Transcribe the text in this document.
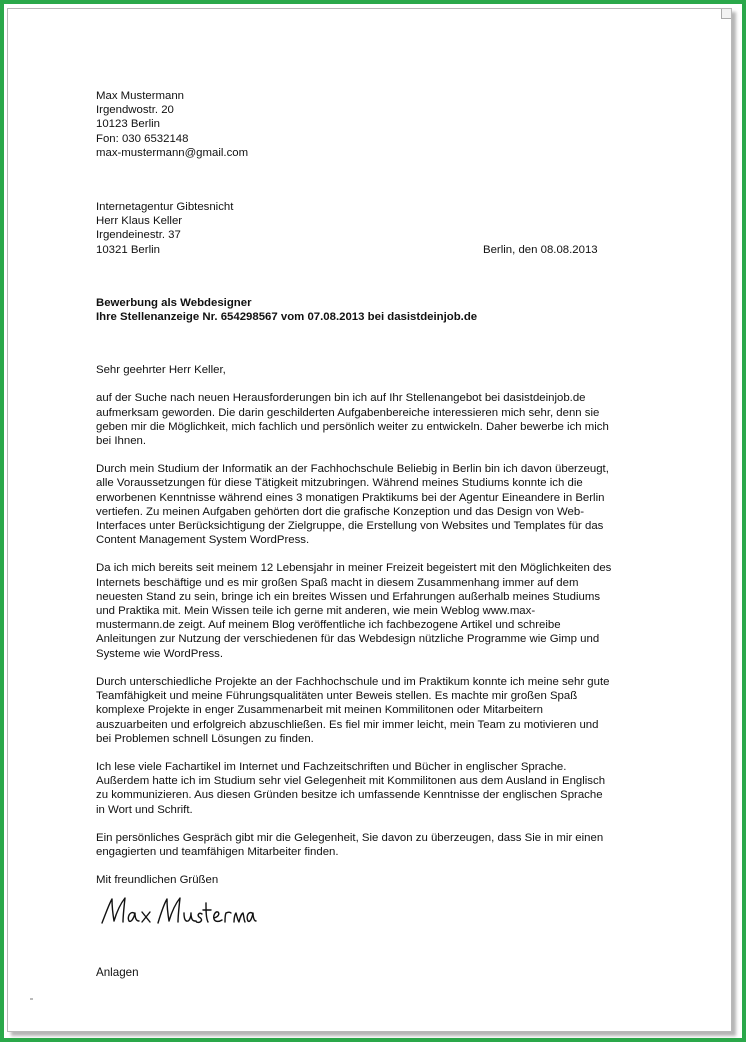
Max Mustermann
Irgendwostr. 20
10123 Berlin
Fon: 030 6532148
max-mustermann@gmail.com
Internetagentur Gibtesnicht
Herr Klaus Keller
Irgendeinestr. 37
10321 Berlin	Berlin, den 08.08.2013
Bewerbung als Webdesigner
Ihre Stellenanzeige Nr. 654298567 vom 07.08.2013 bei dasistdeinjob.de
Sehr geehrter Herr Keller,
auf der Suche nach neuen Herausforderungen bin ich auf Ihr Stellenangebot bei dasistdeinjob.de
aufmerksam geworden. Die darin geschilderten Aufgabenbereiche interessieren mich sehr, denn sie
geben mir die Möglichkeit, mich fachlich und persönlich weiter zu entwickeln. Daher bewerbe ich mich
bei Ihnen.
Durch mein Studium der Informatik an der Fachhochschule Beliebig in Berlin bin ich davon überzeugt,
alle Voraussetzungen für diese Tätigkeit mitzubringen. Während meines Studiums konnte ich die
erworbenen Kenntnisse während eines 3 monatigen Praktikums bei der Agentur Eineandere in Berlin
vertiefen. Zu meinen Aufgaben gehörten dort die grafische Konzeption und das Design von Web-
Interfaces unter Berücksichtigung der Zielgruppe, die Erstellung von Websites und Templates für das
Content Management System WordPress.
Da ich mich bereits seit meinem 12 Lebensjahr in meiner Freizeit begeistert mit den Möglichkeiten des
Internets beschäftige und es mir großen Spaß macht in diesem Zusammenhang immer auf dem
neuesten Stand zu sein, bringe ich ein breites Wissen und Erfahrungen außerhalb meines Studiums
und Praktika mit. Mein Wissen teile ich gerne mit anderen, wie mein Weblog www.max-
mustermann.de zeigt. Auf meinem Blog veröffentliche ich fachbezogene Artikel und schreibe
Anleitungen zur Nutzung der verschiedenen für das Webdesign nützliche Programme wie Gimp und
Systeme wie WordPress.
Durch unterschiedliche Projekte an der Fachhochschule und im Praktikum konnte ich meine sehr gute
Teamfähigkeit und meine Führungsqualitäten unter Beweis stellen. Es machte mir großen Spaß
komplexe Projekte in enger Zusammenarbeit mit meinen Kommilitonen oder Mitarbeitern
auszuarbeiten und erfolgreich abzuschließen. Es fiel mir immer leicht, mein Team zu motivieren und
bei Problemen schnell Lösungen zu finden.
Ich lese viele Fachartikel im Internet und Fachzeitschriften und Bücher in englischer Sprache.
Außerdem hatte ich im Studium sehr viel Gelegenheit mit Kommilitonen aus dem Ausland in Englisch
zu kommunizieren. Aus diesen Gründen besitze ich umfassende Kenntnisse der englischen Sprache
in Wort und Schrift.
Ein persönliches Gespräch gibt mir die Gelegenheit, Sie davon zu überzeugen, dass Sie in mir einen
engagierten und teamfähigen Mitarbeiter finden.
Mit freundlichen Grüßen
Anlagen
